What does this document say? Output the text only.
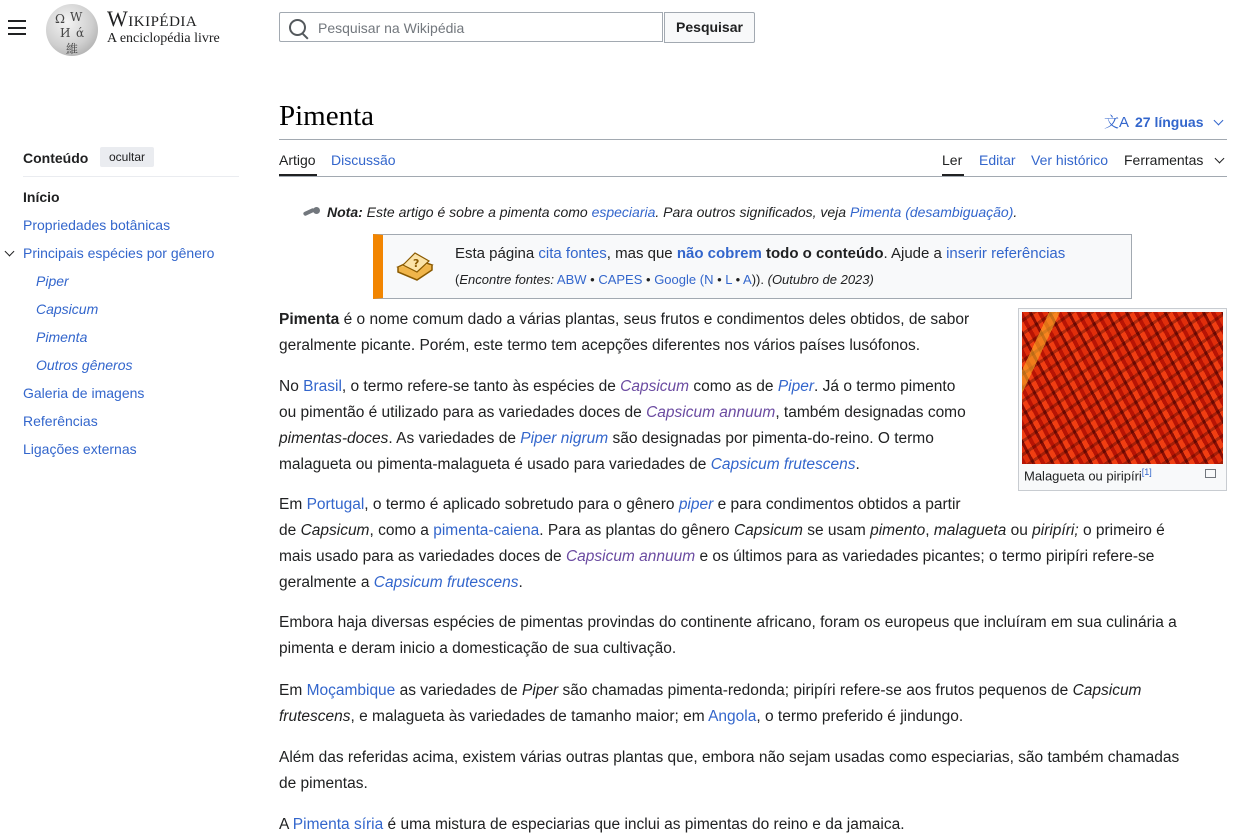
Ω W
И ά
維
Wikipédia
A enciclopédia livre
Pesquisar na Wikipédia
Pesquisar
Conteúdo	ocultar
Início
Propriedades botânicas
Principais espécies por gênero
Piper
Capsicum
Pimenta
Outros gêneros
Galeria de imagens
Referências
Ligações externas
Pimenta	文A 27 línguas
Artigo Discussão	Ler Editar Ver histórico Ferramentas
Nota: Este artigo é sobre a pimenta como especiaria. Para outros significados, veja Pimenta (desambiguação).
?
Esta página cita fontes, mas que não cobrem todo o conteúdo. Ajude a inserir referências
(Encontre fontes: ABW • CAPES • Google (N • L • A)). (Outubro de 2023)
Malagueta ou piripíri[1]
Pimenta é o nome comum dado a várias plantas, seus frutos e condimentos deles obtidos, de sabor
geralmente picante. Porém, este termo tem acepções diferentes nos vários países lusófonos.
No Brasil, o termo refere-se tanto às espécies de Capsicum como as de Piper. Já o termo pimento
ou pimentão é utilizado para as variedades doces de Capsicum annuum, também designadas como
pimentas-doces. As variedades de Piper nigrum são designadas por pimenta-do-reino. O termo
malagueta ou pimenta-malagueta é usado para variedades de Capsicum frutescens.
Em Portugal, o termo é aplicado sobretudo para o gênero piper e para condimentos obtidos a partir
de Capsicum, como a pimenta-caiena. Para as plantas do gênero Capsicum se usam pimento, malagueta ou piripíri; o primeiro é
mais usado para as variedades doces de Capsicum annuum e os últimos para as variedades picantes; o termo piripíri refere-se
geralmente a Capsicum frutescens.
Embora haja diversas espécies de pimentas provindas do continente africano, foram os europeus que incluíram em sua culinária a
pimenta e deram inicio a domesticação de sua cultivação.
Em Moçambique as variedades de Piper são chamadas pimenta-redonda; piripíri refere-se aos frutos pequenos de Capsicum
frutescens, e malagueta às variedades de tamanho maior; em Angola, o termo preferido é jindungo.
Além das referidas acima, existem várias outras plantas que, embora não sejam usadas como especiarias, são também chamadas
de pimentas.
A Pimenta síria é uma mistura de especiarias que inclui as pimentas do reino e da jamaica.
